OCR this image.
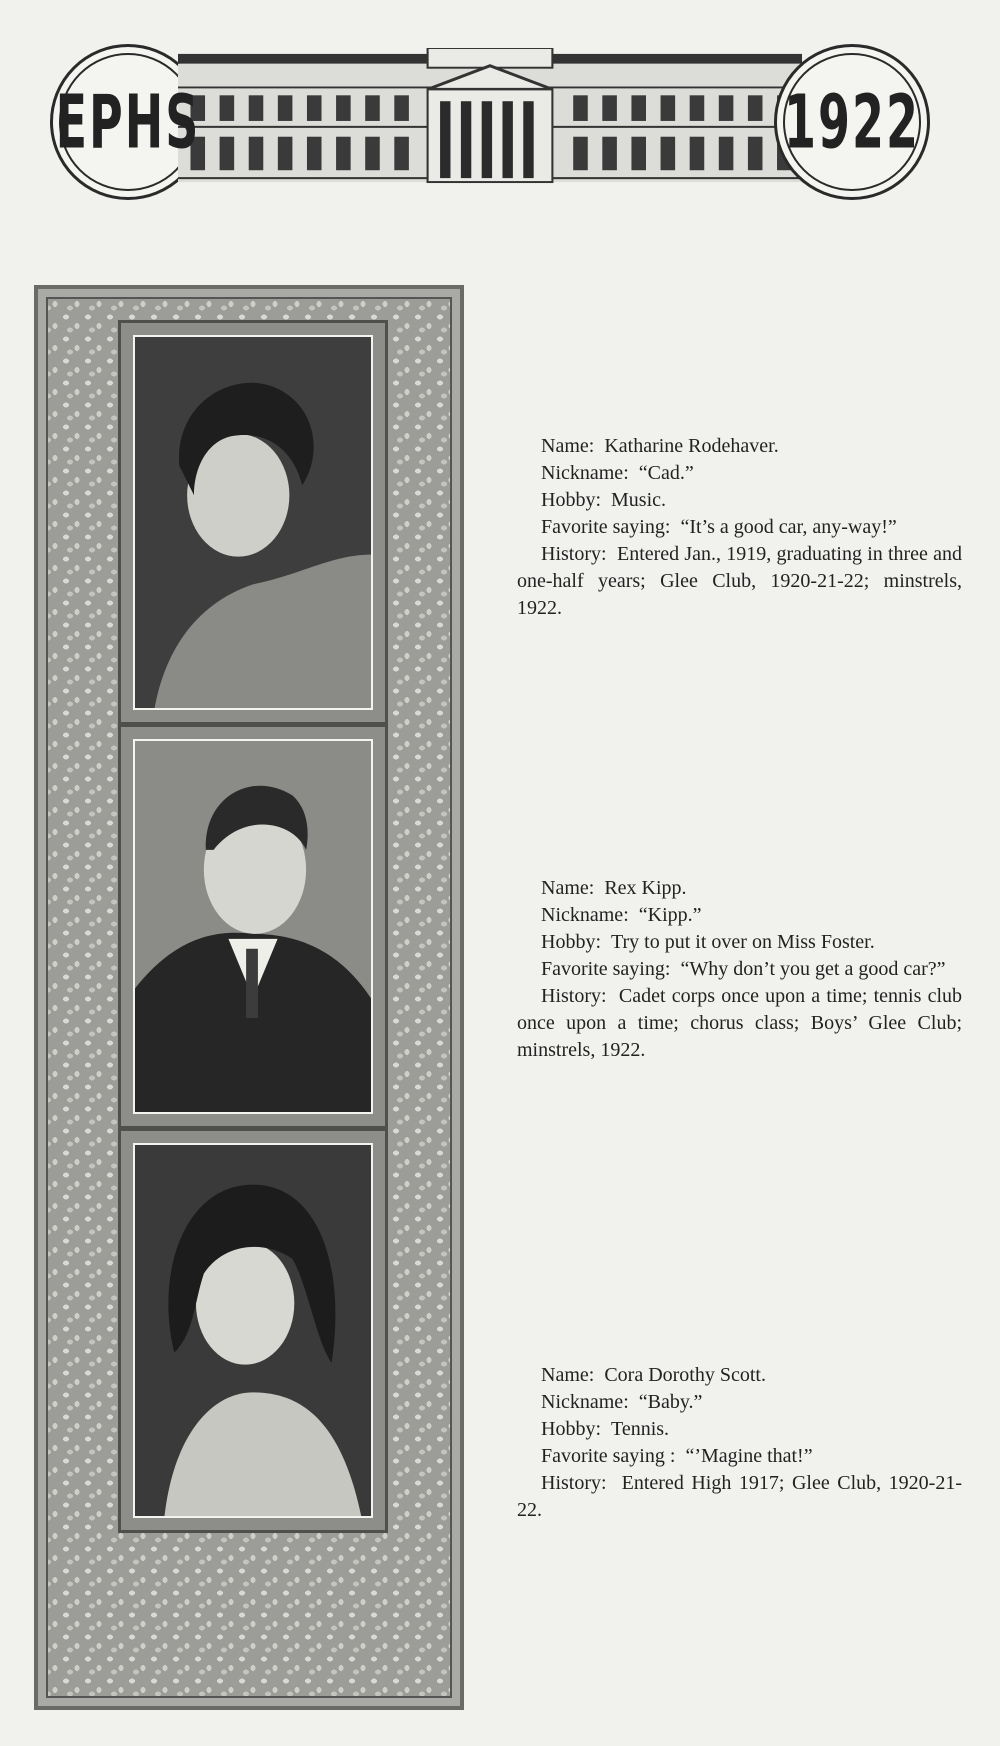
EPHS	1922

Name: Katharine Rodehaver.

Nickname: “Cad.”

Hobby: Music.

Favorite saying: “It’s a good car, any-way!”

History: Entered Jan., 1919, graduating in three and one-half years; Glee Club, 1920-21-22; minstrels, 1922.

Name: Rex Kipp.

Nickname: “Kipp.”

Hobby: Try to put it over on Miss Foster.

Favorite saying: “Why don’t you get a good car?”

History: Cadet corps once upon a time; tennis club once upon a time; chorus class; Boys’ Glee Club; minstrels, 1922.

Name: Cora Dorothy Scott.

Nickname: “Baby.”

Hobby: Tennis.

Favorite saying : “’Magine that!”

History: Entered High 1917; Glee Club, 1920-21-22.
